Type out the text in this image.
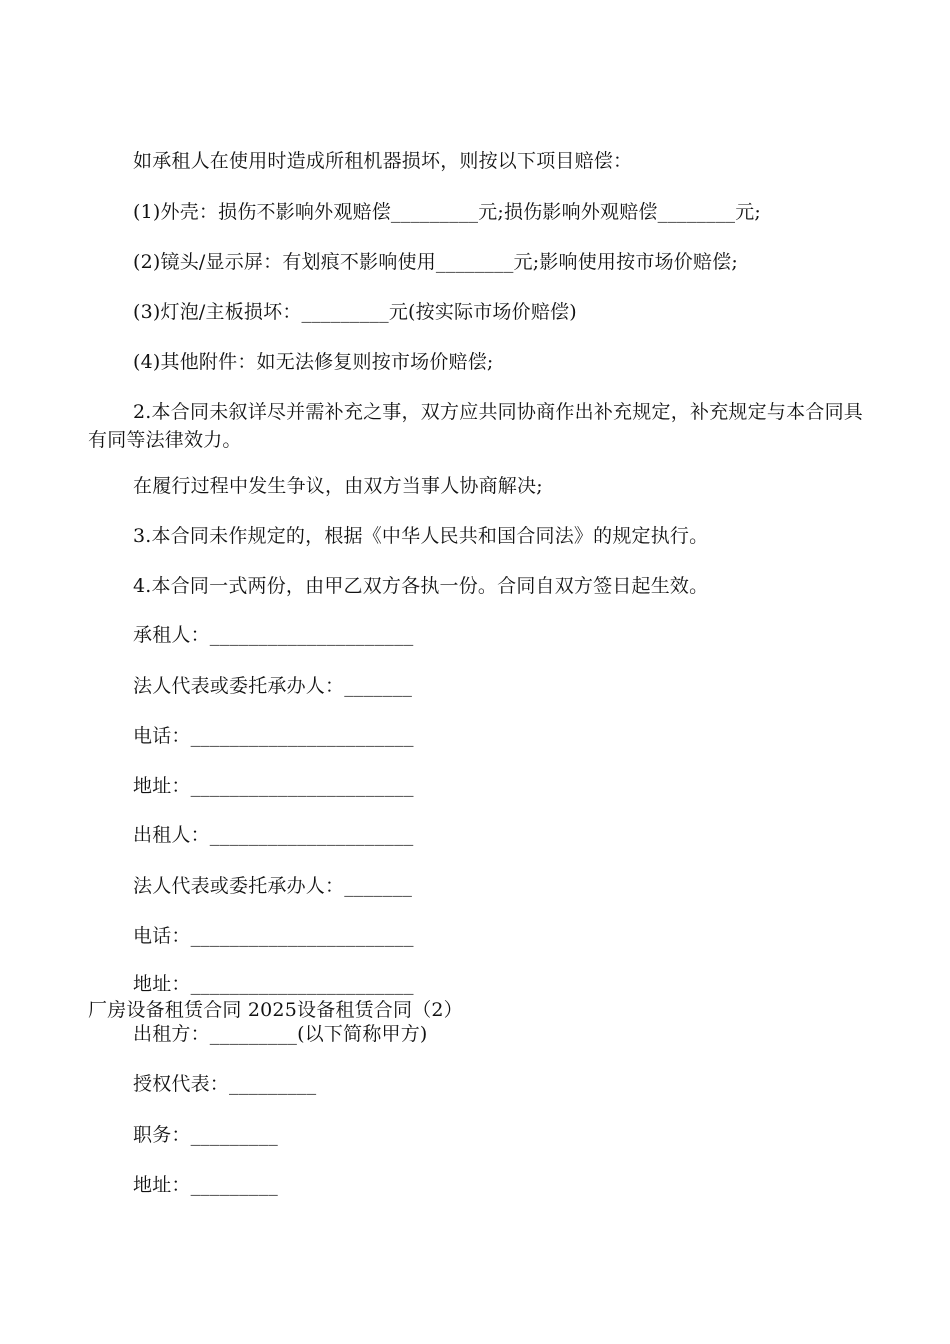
如承租人在使用时造成所租机器损坏，则按以下项目赔偿：
(1)外壳：损伤不影响外观赔偿_________元;损伤影响外观赔偿________元;
(2)镜头/显示屏：有划痕不影响使用________元;影响使用按市场价赔偿;
(3)灯泡/主板损坏：_________元(按实际市场价赔偿)
(4)其他附件：如无法修复则按市场价赔偿;
2.本合同未叙详尽并需补充之事，双方应共同协商作出补充规定，补充规定与本合同具有同等法律效力。
在履行过程中发生争议，由双方当事人协商解决;
3.本合同未作规定的，根据《中华人民共和国合同法》的规定执行。
4.本合同一式两份，由甲乙双方各执一份。合同自双方签日起生效。
承租人：_____________________
法人代表或委托承办人：_______
电话：_______________________
地址：_______________________
出租人：_____________________
法人代表或委托承办人：_______
电话：_______________________
地址：_______________________
厂房设备租赁合同 2025设备租赁合同（2）
出租方：_________(以下简称甲方)
授权代表：_________
职务：_________
地址：_________
